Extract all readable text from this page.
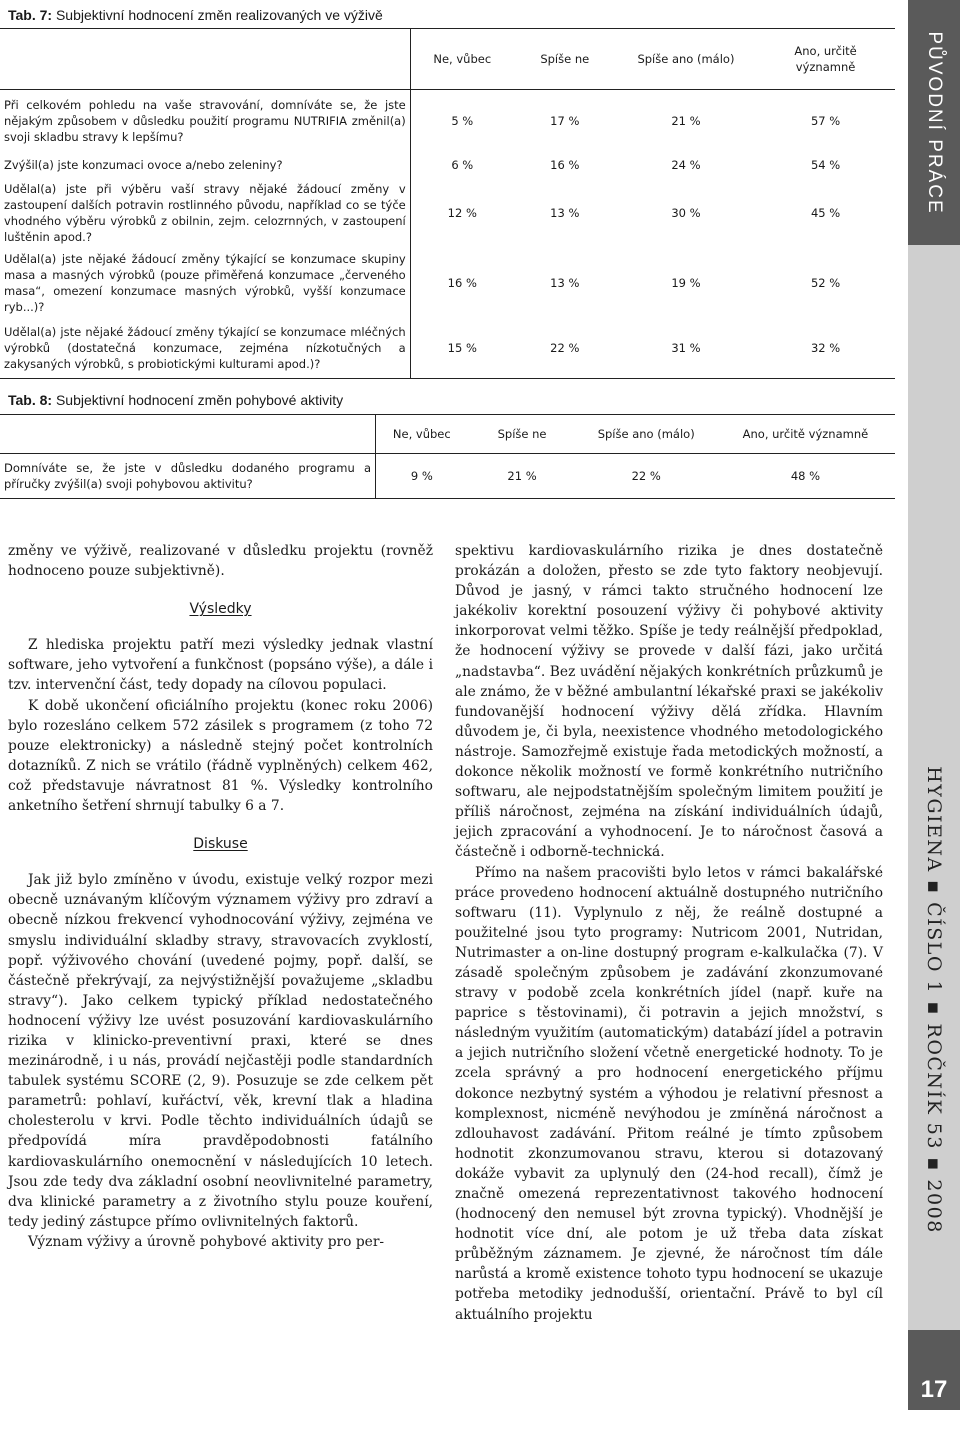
Tab. 7: Subjektivní hodnocení změn realizovaných ve výživě
	Ne, vůbec	Spíše ne	Spíše ano (málo)	Ano, určitě významně
Při celkovém pohledu na vaše stravování, domníváte se, že jste nějakým způsobem v důsledku použití programu NUTRIFIA změnil(a) svoji skladbu stravy k lepšímu?	5 %	17 %	21 %	57 %
Zvýšil(a) jste konzumaci ovoce a/nebo zeleniny?	6 %	16 %	24 %	54 %
Udělal(a) jste při výběru vaší stravy nějaké žádoucí změny v zastoupení dalších potravin rostlinného původu, například co se týče vhodného výběru výrobků z obilnin, zejm. celozrnných, v zastoupení luštěnin apod.?	12 %	13 %	30 %	45 %
Udělal(a) jste nějaké žádoucí změny týkající se konzumace skupiny masa a masných výrobků (pouze přiměřená konzumace „červeného masa“, omezení konzumace masných výrobků, vyšší konzumace ryb...)?	16 %	13 %	19 %	52 %
Udělal(a) jste nějaké žádoucí změny týkající se konzumace mléčných výrobků (dostatečná konzumace, zejména nízkotučných a zakysaných výrobků, s probiotickými kulturami apod.)?	15 %	22 %	31 %	32 %
Tab. 8: Subjektivní hodnocení změn pohybové aktivity
	Ne, vůbec	Spíše ne	Spíše ano (málo)	Ano, určitě významně
Domníváte se, že jste v důsledku dodaného programu a příručky zvýšil(a) svoji pohybovou aktivitu?	9 %	21 %	22 %	48 %
PŮVODNÍ PRÁCE
HYGIENA ▪ ČÍSLO 1 ▪ ROČNÍK 53 ▪ 2008
17

změny ve výživě, realizované v důsledku projektu (rovněž hodnoceno pouze subjektivně).

Výsledky

Z hlediska projektu patří mezi výsledky jednak vlastní software, jeho vytvoření a funkčnost (popsáno výše), a dále i tzv. intervenční část, tedy dopady na cílovou populaci.

K době ukončení oficiálního projektu (konec roku 2006) bylo rozesláno celkem 572 zásilek s programem (z toho 72 pouze elektronicky) a následně stejný počet kontrolních dotazníků. Z nich se vrátilo (řádně vyplněných) celkem 462, což představuje návratnost 81 %. Výsledky kontrolního anketního šetření shrnují tabulky 6 a 7.

Diskuse

Jak již bylo zmíněno v úvodu, existuje velký rozpor mezi obecně uznávaným klíčovým významem výživy pro zdraví a obecně nízkou frekvencí vyhodnocování výživy, zejména ve smyslu individuální skladby stravy, stravovacích zvyklostí, popř. výživového chování (uvedené pojmy, popř. další, se částečně překrývají, za nejvýstižnější považujeme „skladbu stravy“). Jako celkem typický příklad nedostatečného hodnocení výživy lze uvést posuzování kardiovaskulárního rizika v klinicko-preventivní praxi, které se dnes mezinárodně, i u nás, provádí nejčastěji podle standardních tabulek systému SCORE (2, 9). Posuzuje se zde celkem pět parametrů: pohlaví, kuřáctví, věk, krevní tlak a hladina cholesterolu v krvi. Podle těchto individuálních údajů se předpovídá míra pravděpodobnosti fatálního kardiovaskulárního onemocnění v následujících 10 letech. Jsou zde tedy dva základní osobní neovlivnitelné parametry, dva klinické parametry a z životního stylu pouze kouření, tedy jediný zástupce přímo ovlivnitelných faktorů.

Význam výživy a úrovně pohybové aktivity pro per-

spektivu kardiovaskulárního rizika je dnes dostatečně prokázán a doložen, přesto se zde tyto faktory neobjevují. Důvod je jasný, v rámci takto stručného hodnocení lze jakékoliv korektní posouzení výživy či pohybové aktivity inkorporovat velmi těžko. Spíše je tedy reálnější předpoklad, že hodnocení výživy se provede v další fázi, jako určitá „nadstavba“. Bez uvádění nějakých konkrétních průzkumů je ale známo, že v běžné ambulantní lékařské praxi se jakékoliv fundovanější hodnocení výživy dělá zřídka. Hlavním důvodem je, či byla, neexistence vhodného metodologického nástroje. Samozřejmě existuje řada metodických možností, a dokonce několik možností ve formě konkrétního nutričního softwaru, ale nejpodstatnějším společným limitem použití je příliš náročnost, zejména na získání individuálních údajů, jejich zpracování a vyhodnocení. Je to náročnost časová a částečně i odborně-technická.

Přímo na našem pracovišti bylo letos v rámci bakalářské práce provedeno hodnocení aktuálně dostupného nutričního softwaru (11). Vyplynulo z něj, že reálně dostupné a použitelné jsou tyto programy: Nutricom 2001, Nutridan, Nutrimaster a on-line dostupný program e-kalkulačka (7). V zásadě společným způsobem je zadávání zkonzumované stravy v podobě zcela konkrétních jídel (např. kuře na paprice s těstovinami), či potravin a jejich množství, s následným využitím (automatickým) databází jídel a potravin a jejich nutričního složení včetně energetické hodnoty. To je zcela správný a pro hodnocení energetického příjmu dokonce nezbytný systém a výhodou je relativní přesnost a komplexnost, nicméně nevýhodou je zmíněná náročnost a zdlouhavost zadávání. Přitom reálné je tímto způsobem hodnotit zkonzumovanou stravu, kterou si dotazovaný dokáže vybavit za uplynulý den (24-hod recall), čímž je značně omezená reprezentativnost takového hodnocení (hodnocený den nemusel být zrovna typický). Vhodnější je hodnotit více dní, ale potom je už třeba data získat průběžným záznamem. Je zjevné, že náročnost tím dále narůstá a kromě existence tohoto typu hodnocení se ukazuje potřeba metodiky jednodušší, orientační. Právě to byl cíl aktuálního projektu
